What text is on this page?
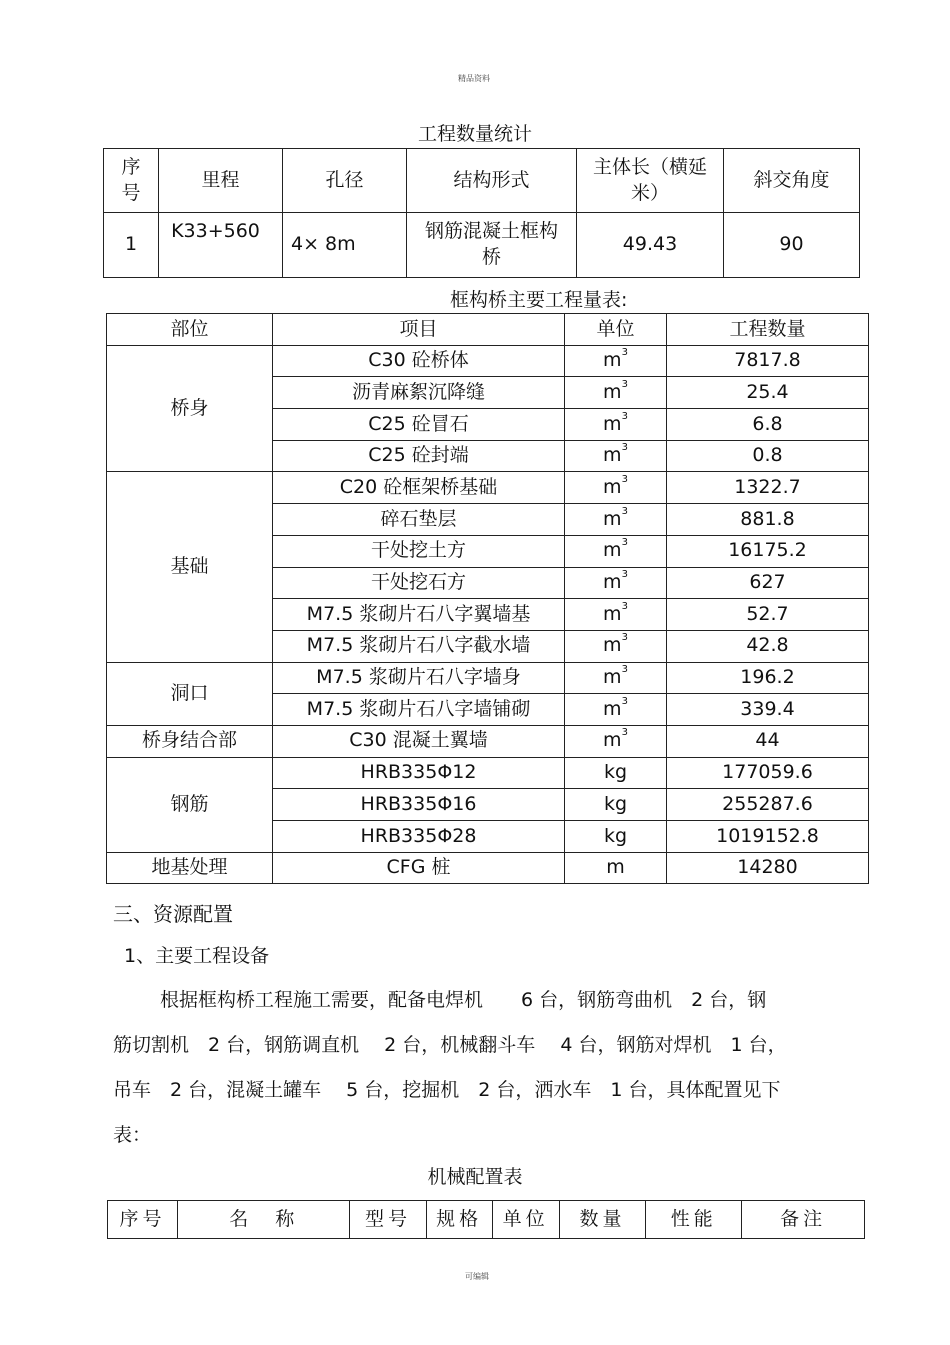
精品资料
工程数量统计
序号	里程	孔径	结构形式	主体长（横延米）	斜交角度
1	K33+560	4× 8m	钢筋混凝土框构桥	49.43	90
框构桥主要工程量表:
部位	项目	单位	工程数量
桥身	C30 砼桥体	$m^3$	7817.8
	沥青麻絮沉降缝	$m^3$	25.4
	C25 砼冒石	$m^3$	6.8
	C25 砼封端	$m^3$	0.8
基础	C20 砼框架桥基础	$m^3$	1322.7
	碎石垫层	$m^3$	881.8
	干处挖土方	$m^3$	16175.2
	干处挖石方	$m^3$	627
	M7.5 浆砌片石八字翼墙基	$m^3$	52.7
	M7.5 浆砌片石八字截水墙	$m^3$	42.8
洞口	M7.5 浆砌片石八字墙身	$m^3$	196.2
	M7.5 浆砌片石八字墙铺砌	$m^3$	339.4
桥身结合部	C30 混凝土翼墙	$m^3$	44
钢筋	HRB335Φ12	kg	177059.6
	HRB335Φ16	kg	255287.6
	HRB335Φ28	kg	1019152.8
地基处理	CFG 桩	m	14280
三、资源配置
1、主要工程设备
根据框构桥工程施工需要，配备电焊机　　6 台，钢筋弯曲机　2 台，钢
筋切割机　2 台，钢筋调直机　 2 台，机械翻斗车　 4 台，钢筋对焊机　1 台，
吊车　2 台，混凝土罐车　 5 台，挖掘机　2 台，洒水车　1 台，具体配置见下
表：
机械配置表
序号	名　称	型号	规格	单位	数量	性能	备注
可编辑
